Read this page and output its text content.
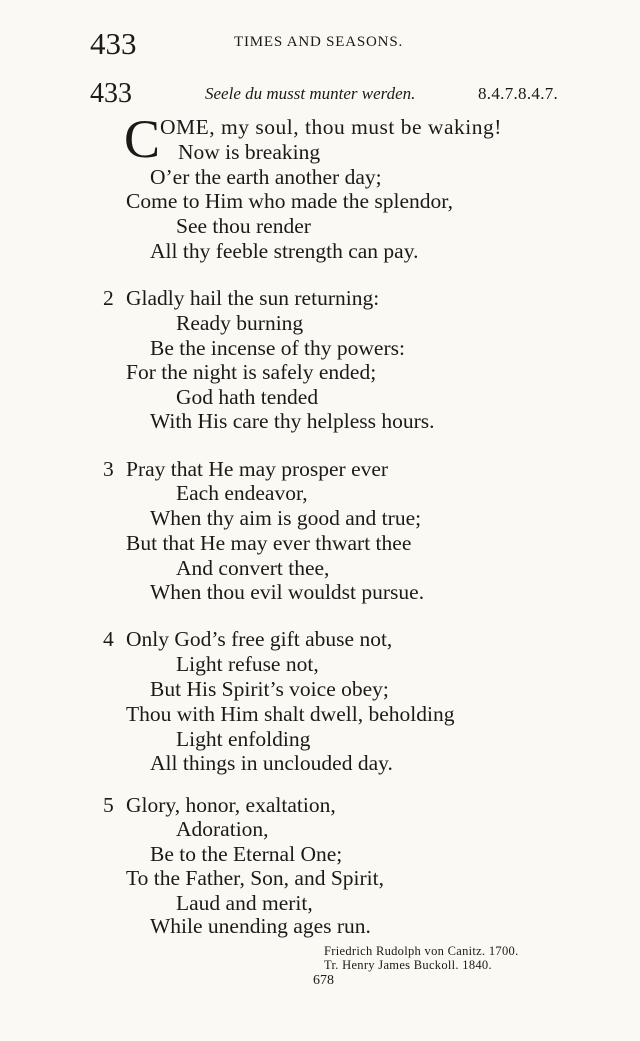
433	TIMES AND SEASONS.
433	Seele du musst munter werden.	8.4.7.8.4.7.
C OME, my soul, thou must be waking!
Now is breaking
O’er the earth another day;
Come to Him who made the splendor,
See thou render
All thy feeble strength can pay.
2 Gladly hail the sun returning:
Ready burning
Be the incense of thy powers:
For the night is safely ended;
God hath tended
With His care thy helpless hours.
3 Pray that He may prosper ever
Each endeavor,
When thy aim is good and true;
But that He may ever thwart thee
And convert thee,
When thou evil wouldst pursue.
4 Only God’s free gift abuse not,
Light refuse not,
But His Spirit’s voice obey;
Thou with Him shalt dwell, beholding
Light enfolding
All things in unclouded day.
5 Glory, honor, exaltation,
Adoration,
Be to the Eternal One;
To the Father, Son, and Spirit,
Laud and merit,
While unending ages run.
Friedrich Rudolph von Canitz. 1700.
Tr. Henry James Buckoll. 1840.
678
